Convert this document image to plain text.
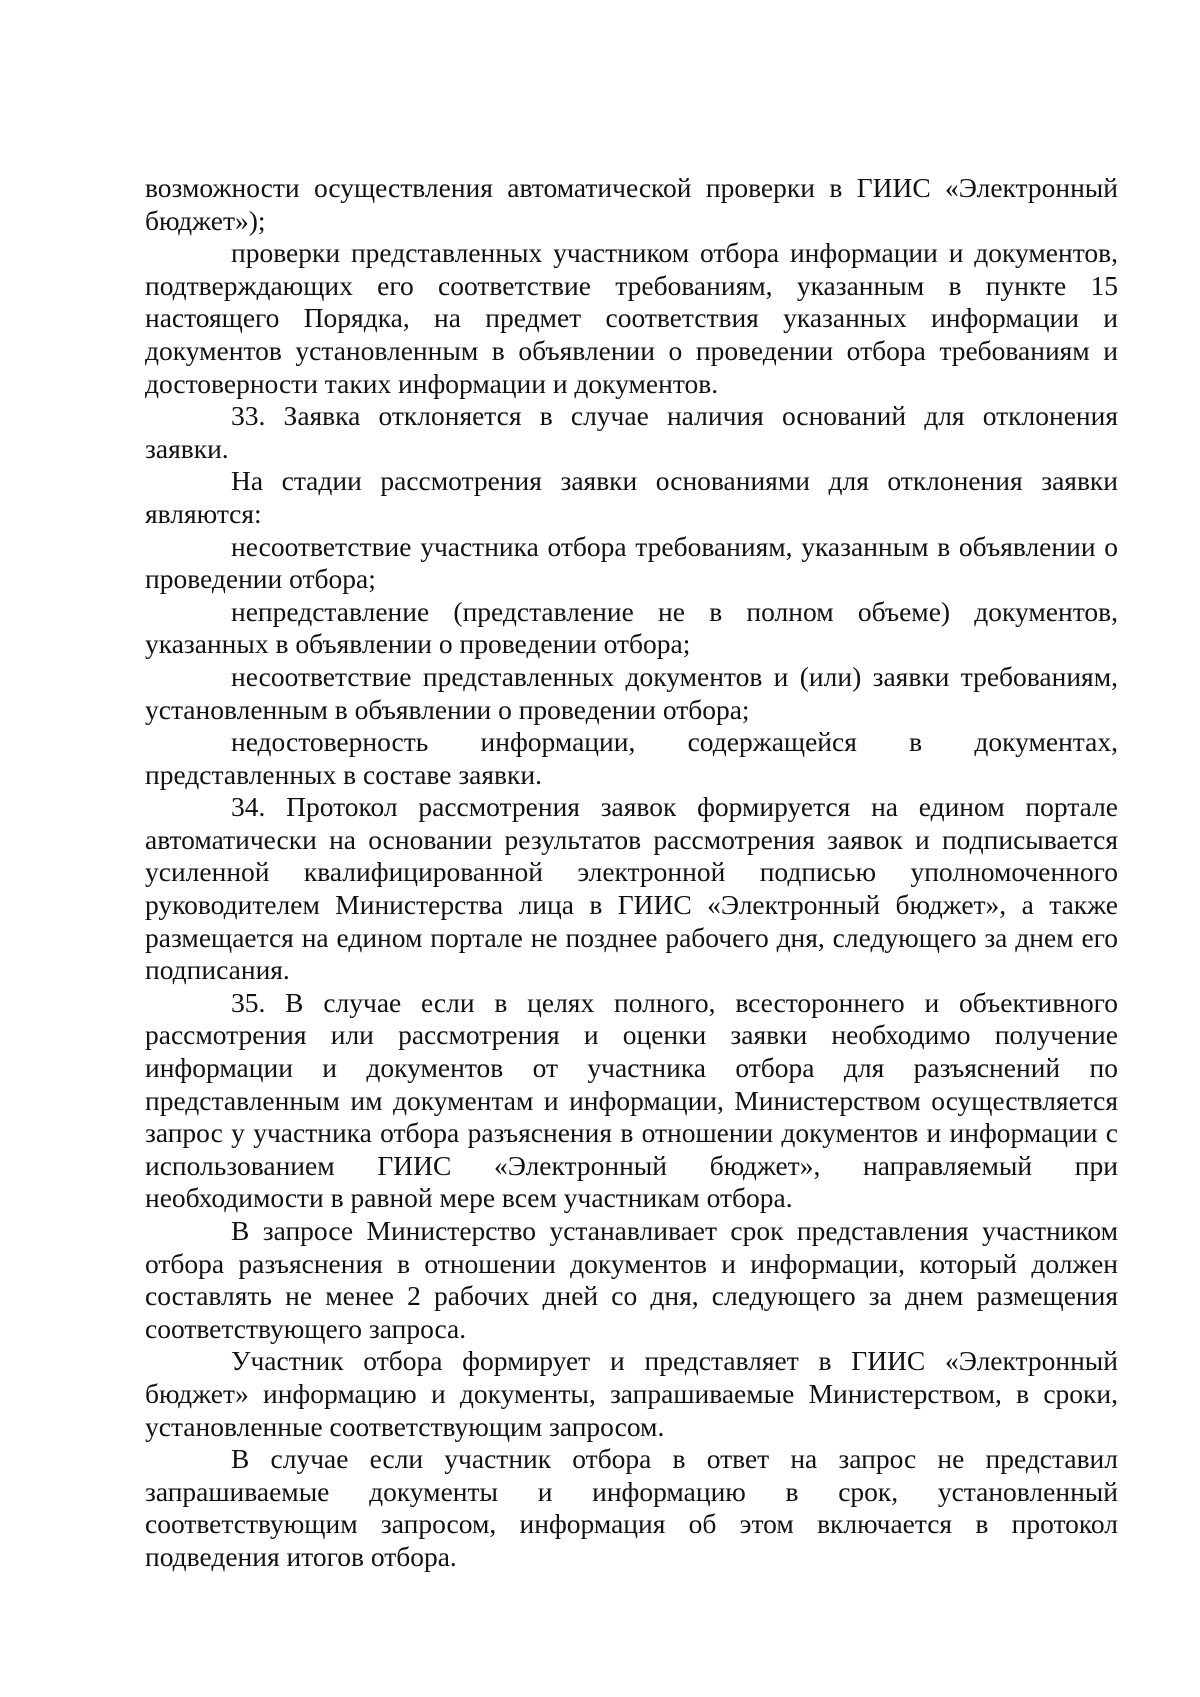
возможности осуществления автоматической проверки в ГИИС «Электронный бюджет»);

проверки представленных участником отбора информации и документов, подтверждающих его соответствие требованиям, указанным в пункте 15 настоящего Порядка, на предмет соответствия указанных информации и документов установленным в объявлении о проведении отбора требованиям и достоверности таких информации и документов.

33. Заявка отклоняется в случае наличия оснований для отклонения заявки.

На стадии рассмотрения заявки основаниями для отклонения заявки являются:

несоответствие участника отбора требованиям, указанным в объявлении о проведении отбора;

непредставление (представление не в полном объеме) документов, указанных в объявлении о проведении отбора;

несоответствие представленных документов и (или) заявки требованиям, установленным в объявлении о проведении отбора;

недостоверность информации, содержащейся в документах, представленных в составе заявки.

34. Протокол рассмотрения заявок формируется на едином портале автоматически на основании результатов рассмотрения заявок и подписывается усиленной квалифицированной электронной подписью уполномоченного руководителем Министерства лица в ГИИС «Электронный бюджет», а также размещается на едином портале не позднее рабочего дня, следующего за днем его подписания.

35. В случае если в целях полного, всестороннего и объективного рассмотрения или рассмотрения и оценки заявки необходимо получение информации и документов от участника отбора для разъяснений по представленным им документам и информации, Министерством осуществляется запрос у участника отбора разъяснения в отношении документов и информации с использованием ГИИС «Электронный бюджет», направляемый при необходимости в равной мере всем участникам отбора.

В запросе Министерство устанавливает срок представления участником отбора разъяснения в отношении документов и информации, который должен составлять не менее 2 рабочих дней со дня, следующего за днем размещения соответствующего запроса.

Участник отбора формирует и представляет в ГИИС «Электронный бюджет» информацию и документы, запрашиваемые Министерством, в сроки, установленные соответствующим запросом.

В случае если участник отбора в ответ на запрос не представил запрашиваемые документы и информацию в срок, установленный соответствующим запросом, информация об этом включается в протокол подведения итогов отбора.
